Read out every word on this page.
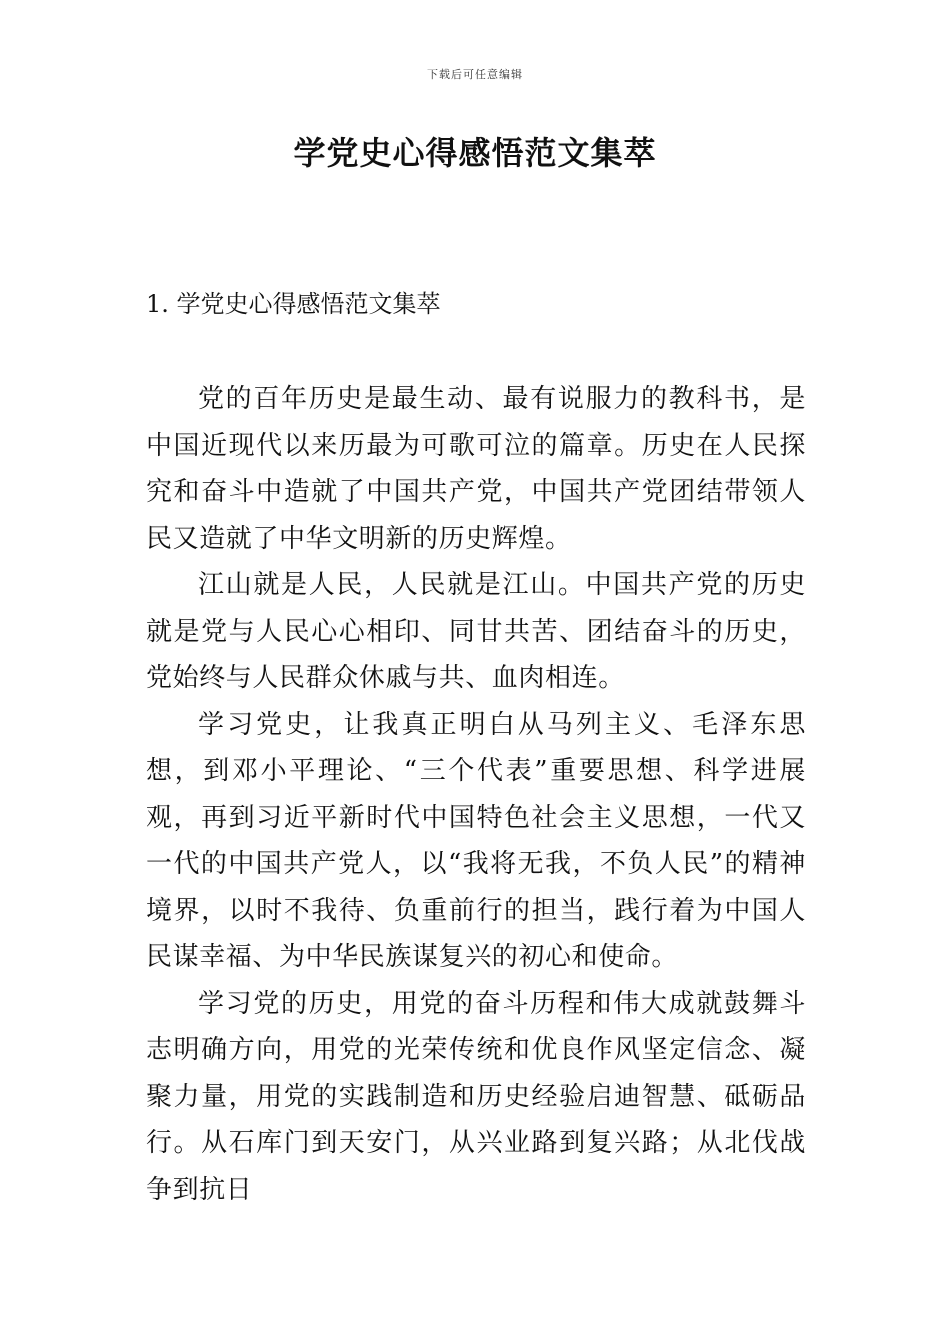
下载后可任意编辑
学党史心得感悟范文集萃
1. 学党史心得感悟范文集萃

党的百年历史是最生动、最有说服力的教科书，是中国近现代以来历最为可歌可泣的篇章。历史在人民探究和奋斗中造就了中国共产党，中国共产党团结带领人民又造就了中华文明新的历史辉煌。

江山就是人民，人民就是江山。中国共产党的历史就是党与人民心心相印、同甘共苦、团结奋斗的历史，党始终与人民群众休戚与共、血肉相连。

学习党史，让我真正明白从马列主义、毛泽东思想，到邓小平理论、“三个代表”重要思想、科学进展观，再到习近平新时代中国特色社会主义思想，一代又一代的中国共产党人，以“我将无我，不负人民”的精神境界，以时不我待、负重前行的担当，践行着为中国人民谋幸福、为中华民族谋复兴的初心和使命。

学习党的历史，用党的奋斗历程和伟大成就鼓舞斗志明确方向，用党的光荣传统和优良作风坚定信念、凝聚力量，用党的实践制造和历史经验启迪智慧、砥砺品行。从石库门到天安门，从兴业路到复兴路；从北伐战争到抗日
